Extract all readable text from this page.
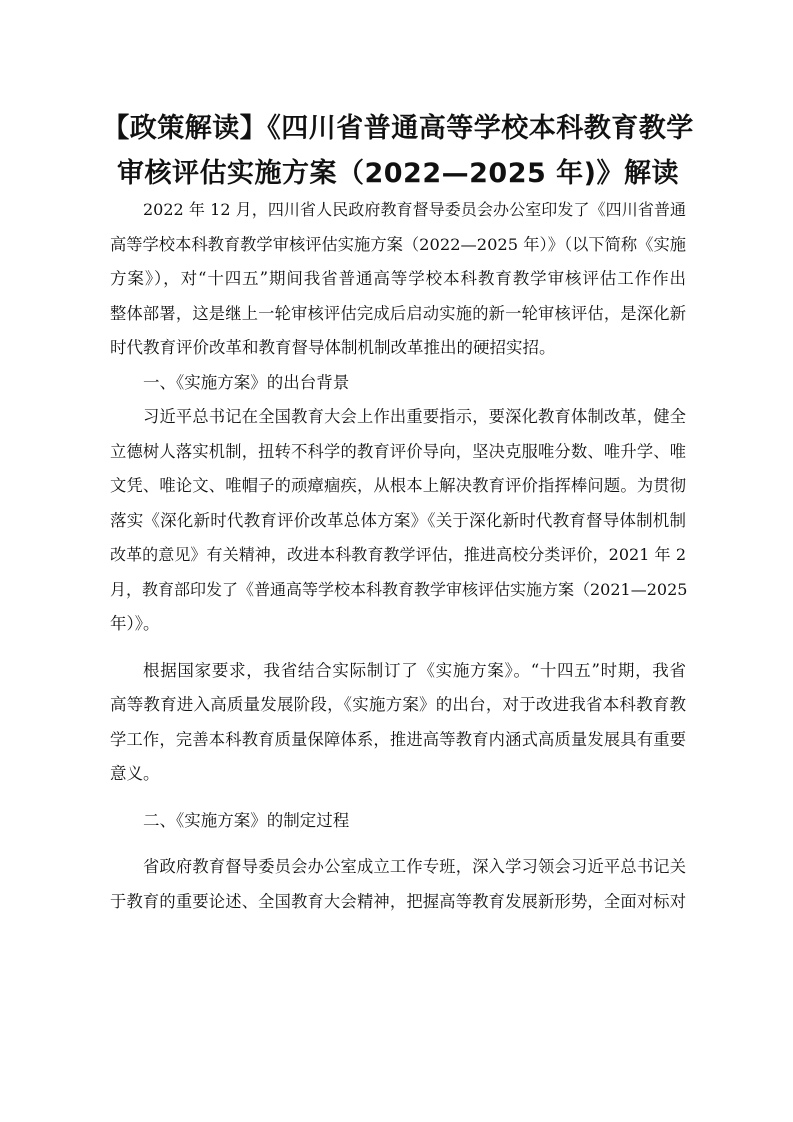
【政策解读】《四川省普通高等学校本科教育教学
审核评估实施方案（2022—2025 年)》解读

2022 年 12 月，四川省人民政府教育督导委员会办公室印发了《四川省普通
高等学校本科教育教学审核评估实施方案（2022—2025 年）》（以下简称《实施
方案》），对“十四五”期间我省普通高等学校本科教育教学审核评估工作作出
整体部署，这是继上一轮审核评估完成后启动实施的新一轮审核评估，是深化新
时代教育评价改革和教育督导体制机制改革推出的硬招实招。

一、《实施方案》的出台背景

习近平总书记在全国教育大会上作出重要指示，要深化教育体制改革，健全
立德树人落实机制，扭转不科学的教育评价导向，坚决克服唯分数、唯升学、唯
文凭、唯论文、唯帽子的顽瘴痼疾，从根本上解决教育评价指挥棒问题。为贯彻
落实《深化新时代教育评价改革总体方案》《关于深化新时代教育督导体制机制
改革的意见》有关精神，改进本科教育教学评估，推进高校分类评价，2021 年 2
月，教育部印发了《普通高等学校本科教育教学审核评估实施方案（2021—2025
年）》。

根据国家要求，我省结合实际制订了《实施方案》。“十四五”时期，我省
高等教育进入高质量发展阶段，《实施方案》的出台，对于改进我省本科教育教
学工作，完善本科教育质量保障体系，推进高等教育内涵式高质量发展具有重要
意义。

二、《实施方案》的制定过程

省政府教育督导委员会办公室成立工作专班，深入学习领会习近平总书记关
于教育的重要论述、全国教育大会精神，把握高等教育发展新形势，全面对标对
